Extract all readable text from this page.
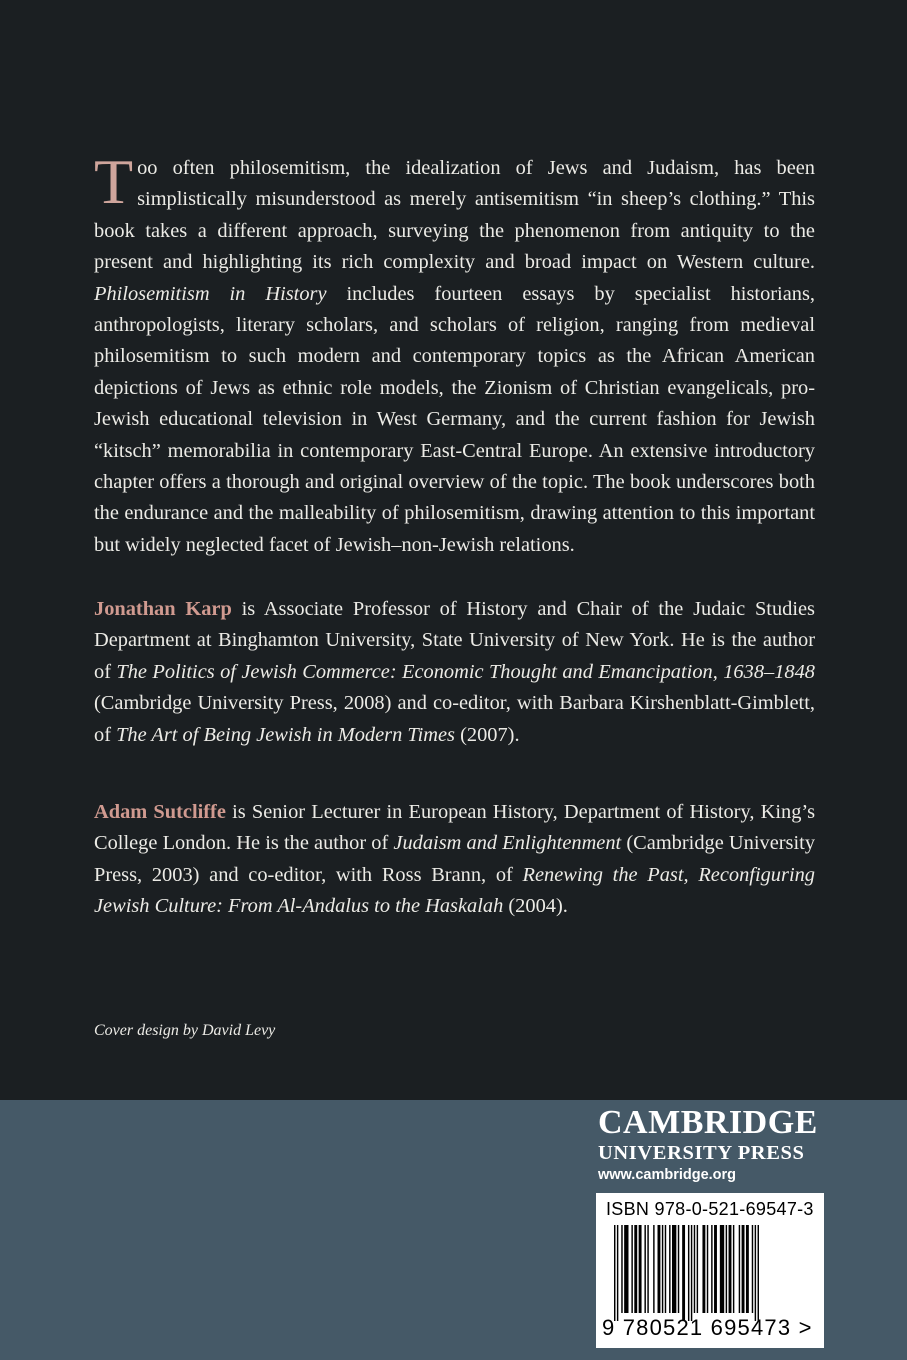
Too often philosemitism, the idealization of Jews and Judaism, has been simplistically misunderstood as merely antisemitism “in sheep’s clothing.” This book takes a different approach, surveying the phenomenon from antiquity to the present and highlighting its rich complexity and broad impact on Western culture. Philosemitism in History includes fourteen essays by specialist historians, anthropologists, literary scholars, and scholars of religion, ranging from medieval philosemitism to such modern and contemporary topics as the African American depictions of Jews as ethnic role models, the Zionism of Christian evangelicals, pro-Jewish educational television in West Germany, and the current fashion for Jewish “kitsch” memorabilia in contemporary East-Central Europe. An extensive introductory chapter offers a thorough and original overview of the topic. The book underscores both the endurance and the malleability of philosemitism, drawing attention to this important but widely neglected facet of Jewish–non-Jewish relations.

Jonathan Karp is Associate Professor of History and Chair of the Judaic Studies Department at Binghamton University, State University of New York. He is the author of The Politics of Jewish Commerce: Economic Thought and Emancipation, 1638–1848 (Cambridge University Press, 2008) and co-editor, with Barbara Kirshenblatt-Gimblett, of The Art of Being Jewish in Modern Times (2007).

Adam Sutcliffe is Senior Lecturer in European History, Department of History, King’s College London. He is the author of Judaism and Enlightenment (Cambridge University Press, 2003) and co-editor, with Ross Brann, of Renewing the Past, Reconfiguring Jewish Culture: From Al-Andalus to the Haskalah (2004).

Cover design by David Levy

CAMBRIDGE
UNIVERSITY PRESS
www.cambridge.org
ISBN 978-0-521-69547-3
9 780521 695473 >
